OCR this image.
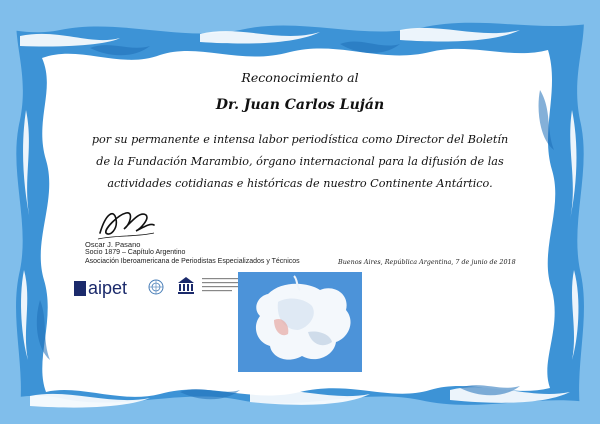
Reconocimiento al
Dr. Juan Carlos Luján
por su permanente e intensa labor periodística como Director del Boletín
de la Fundación Marambio, órgano internacional para la difusión de las
actividades cotidianas e históricas de nuestro Continente Antártico.
Oscar J. Pasano
Socio 1879 – Capítulo Argentino
Asociación Iberoamericana de Periodistas Especializados y Técnicos	Buenos Aires, República Argentina, 7 de junio de 2018
aipet
